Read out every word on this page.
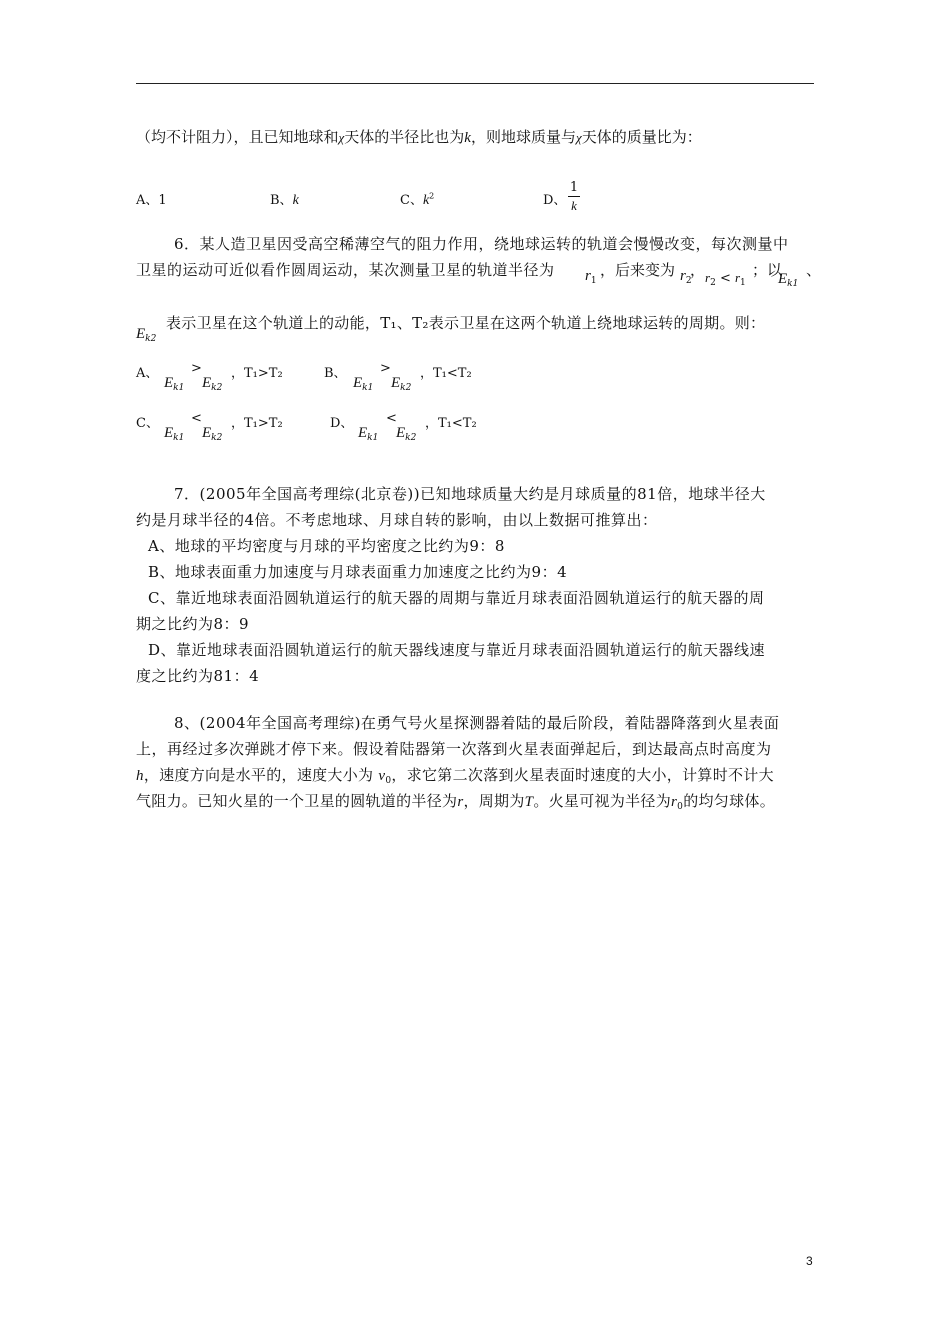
（均不计阻力），且已知地球和χ天体的半径比也为k，则地球质量与χ天体的质量比为：
A、1	B、k	C、$k^2$	D、
1
k
6．某人造卫星因受高空稀薄空气的阻力作用，绕地球运转的轨道会慢慢改变，每次测量中
卫星的运动可近似看作圆周运动，某次测量卫星的轨道半径为 $r_1$
，后来变为 $r_2$
， $r_2 < r_1$
；以
$E_{k1}$
、
$E_{k2}$
表示卫星在这个轨道上的动能，T₁、T₂表示卫星在这两个轨道上绕地球运转的周期。则：
A、
$E_{k1}$
>
$E_{k2}$
，T₁>T₂	B、
$E_{k1}$
>
$E_{k2}$
，T₁<T₂
C、
$E_{k1}$
<
$E_{k2}$
，T₁>T₂	D、
$E_{k1}$
<
$E_{k2}$
，T₁<T₂
7．(2005年全国高考理综(北京卷))已知地球质量大约是月球质量的81倍，地球半径大
约是月球半径的4倍。不考虑地球、月球自转的影响，由以上数据可推算出：
A、地球的平均密度与月球的平均密度之比约为9：8
B、地球表面重力加速度与月球表面重力加速度之比约为9：4
C、靠近地球表面沿圆轨道运行的航天器的周期与靠近月球表面沿圆轨道运行的航天器的周
期之比约为8：9
D、靠近地球表面沿圆轨道运行的航天器线速度与靠近月球表面沿圆轨道运行的航天器线速
度之比约为81：4
8、(2004年全国高考理综)在勇气号火星探测器着陆的最后阶段，着陆器降落到火星表面
上，再经过多次弹跳才停下来。假设着陆器第一次落到火星表面弹起后，到达最高点时高度为
h，速度方向是水平的，速度大小为 $v_0$，求它第二次落到火星表面时速度的大小，计算时不计大
气阻力。已知火星的一个卫星的圆轨道的半径为r，周期为T。火星可视为半径为$r_0$的均匀球体。
3
